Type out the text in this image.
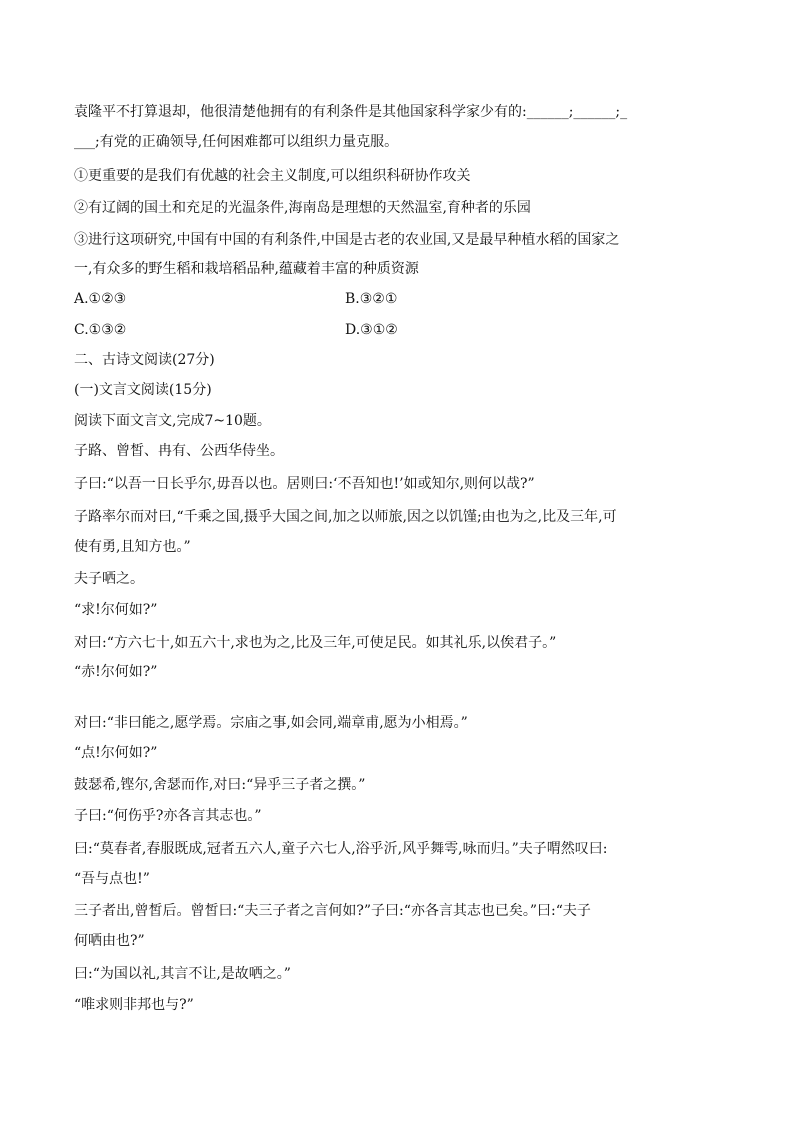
袁隆平不打算退却，他很清楚他拥有的有利条件是其他国家科学家少有的:______;______;_
___;有党的正确领导,任何困难都可以组织力量克服。
①更重要的是我们有优越的社会主义制度,可以组织科研协作攻关
②有辽阔的国土和充足的光温条件,海南岛是理想的天然温室,育种者的乐园
③进行这项研究,中国有中国的有利条件,中国是古老的农业国,又是最早种植水稻的国家之
一,有众多的野生稻和栽培稻品种,蕴藏着丰富的种质资源
A.①②③	B.③②①
C.①③②	D.③①②
二、古诗文阅读(27分)
(一)文言文阅读(15分)
阅读下面文言文,完成7~10题。
子路、曾皙、冉有、公西华侍坐。
子曰:“以吾一日长乎尔,毋吾以也。居则曰:‘不吾知也!’如或知尔,则何以哉?”
子路率尔而对曰,“千乘之国,摄乎大国之间,加之以师旅,因之以饥馑;由也为之,比及三年,可
使有勇,且知方也。”
夫子哂之。
“求!尔何如?”
对曰:“方六七十,如五六十,求也为之,比及三年,可使足民。如其礼乐,以俟君子。”
“赤!尔何如?”
对曰:“非曰能之,愿学焉。宗庙之事,如会同,端章甫,愿为小相焉。”
“点!尔何如?”
鼓瑟希,铿尔,舍瑟而作,对曰:“异乎三子者之撰。”
子曰:“何伤乎?亦各言其志也。”
曰:“莫春者,春服既成,冠者五六人,童子六七人,浴乎沂,风乎舞雩,咏而归。”夫子喟然叹曰:
“吾与点也!”
三子者出,曾皙后。曾皙曰:“夫三子者之言何如?”子曰:“亦各言其志也已矣。”曰:“夫子
何哂由也?”
曰:“为国以礼,其言不让,是故哂之。”
“唯求则非邦也与?”
